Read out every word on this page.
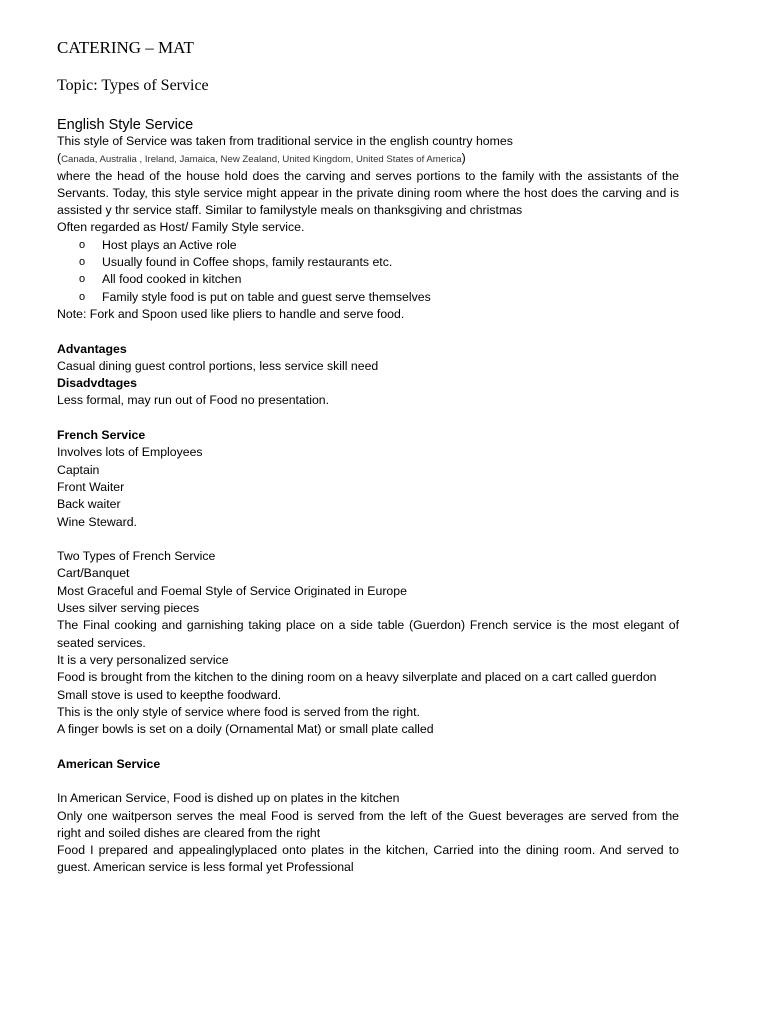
CATERING – MAT
Topic: Types of Service
English Style Service

This style of Service was taken from traditional service in the english country homes

(Canada, Australia , Ireland, Jamaica, New Zealand, United Kingdom, United States of America)

where the head of the house hold does the carving and serves portions to the family with the assistants of the Servants. Today, this style service might appear in the private dining room where the host does the carving and is assisted y thr service staff. Similar to familystyle meals on thanksgiving and christmas

Often regarded as Host/ Family Style service.

o Host plays an Active role

o Usually found in Coffee shops, family restaurants etc.

o All food cooked in kitchen

o Family style food is put on table and guest serve themselves

Note: Fork and Spoon used like pliers to handle and serve food.

Advantages

Casual dining guest control portions, less service skill need

Disadvdtages

Less formal, may run out of Food no presentation.

French Service

Involves lots of Employees

Captain

Front Waiter

Back waiter

Wine Steward.

Two Types of French Service

Cart/Banquet

Most Graceful and Foemal Style of Service Originated in Europe

Uses silver serving pieces

The Final cooking and garnishing taking place on a side table (Guerdon) French service is the most elegant of seated services.

It is a very personalized service

Food is brought from the kitchen to the dining room on a heavy silverplate and placed on a cart called guerdon

Small stove is used to keepthe foodward.

This is the only style of service where food is served from the right.

A finger bowls is set on a doily (Ornamental Mat) or small plate called

American Service

In American Service, Food is dished up on plates in the kitchen

Only one waitperson serves the meal Food is served from the left of the Guest beverages are served from the right and soiled dishes are cleared from the right

Food I prepared and appealinglyplaced onto plates in the kitchen, Carried into the dining room. And served to guest. American service is less formal yet Professional
